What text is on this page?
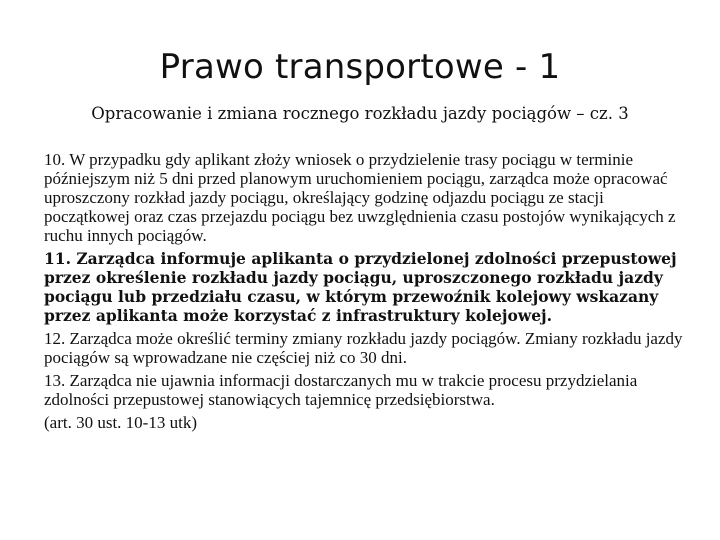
Prawo transportowe - 1
Opracowanie i zmiana rocznego rozkładu jazdy pociągów – cz. 3

10. W przypadku gdy aplikant złoży wniosek o przydzielenie trasy pociągu w terminie późniejszym niż 5 dni przed planowym uruchomieniem pociągu, zarządca może opracować uproszczony rozkład jazdy pociągu, określający godzinę odjazdu pociągu ze stacji początkowej oraz czas przejazdu pociągu bez uwzględnienia czasu postojów wynikających z ruchu innych pociągów.

11. Zarządca informuje aplikanta o przydzielonej zdolności przepustowej przez określenie rozkładu jazdy pociągu, uproszczonego rozkładu jazdy pociągu lub przedziału czasu, w którym przewoźnik kolejowy wskazany przez aplikanta może korzystać z infrastruktury kolejowej.

12. Zarządca może określić terminy zmiany rozkładu jazdy pociągów. Zmiany rozkładu jazdy pociągów są wprowadzane nie częściej niż co 30 dni.

13. Zarządca nie ujawnia informacji dostarczanych mu w trakcie procesu przydzielania zdolności przepustowej stanowiących tajemnicę przedsiębiorstwa.

(art. 30 ust. 10-13 utk)
